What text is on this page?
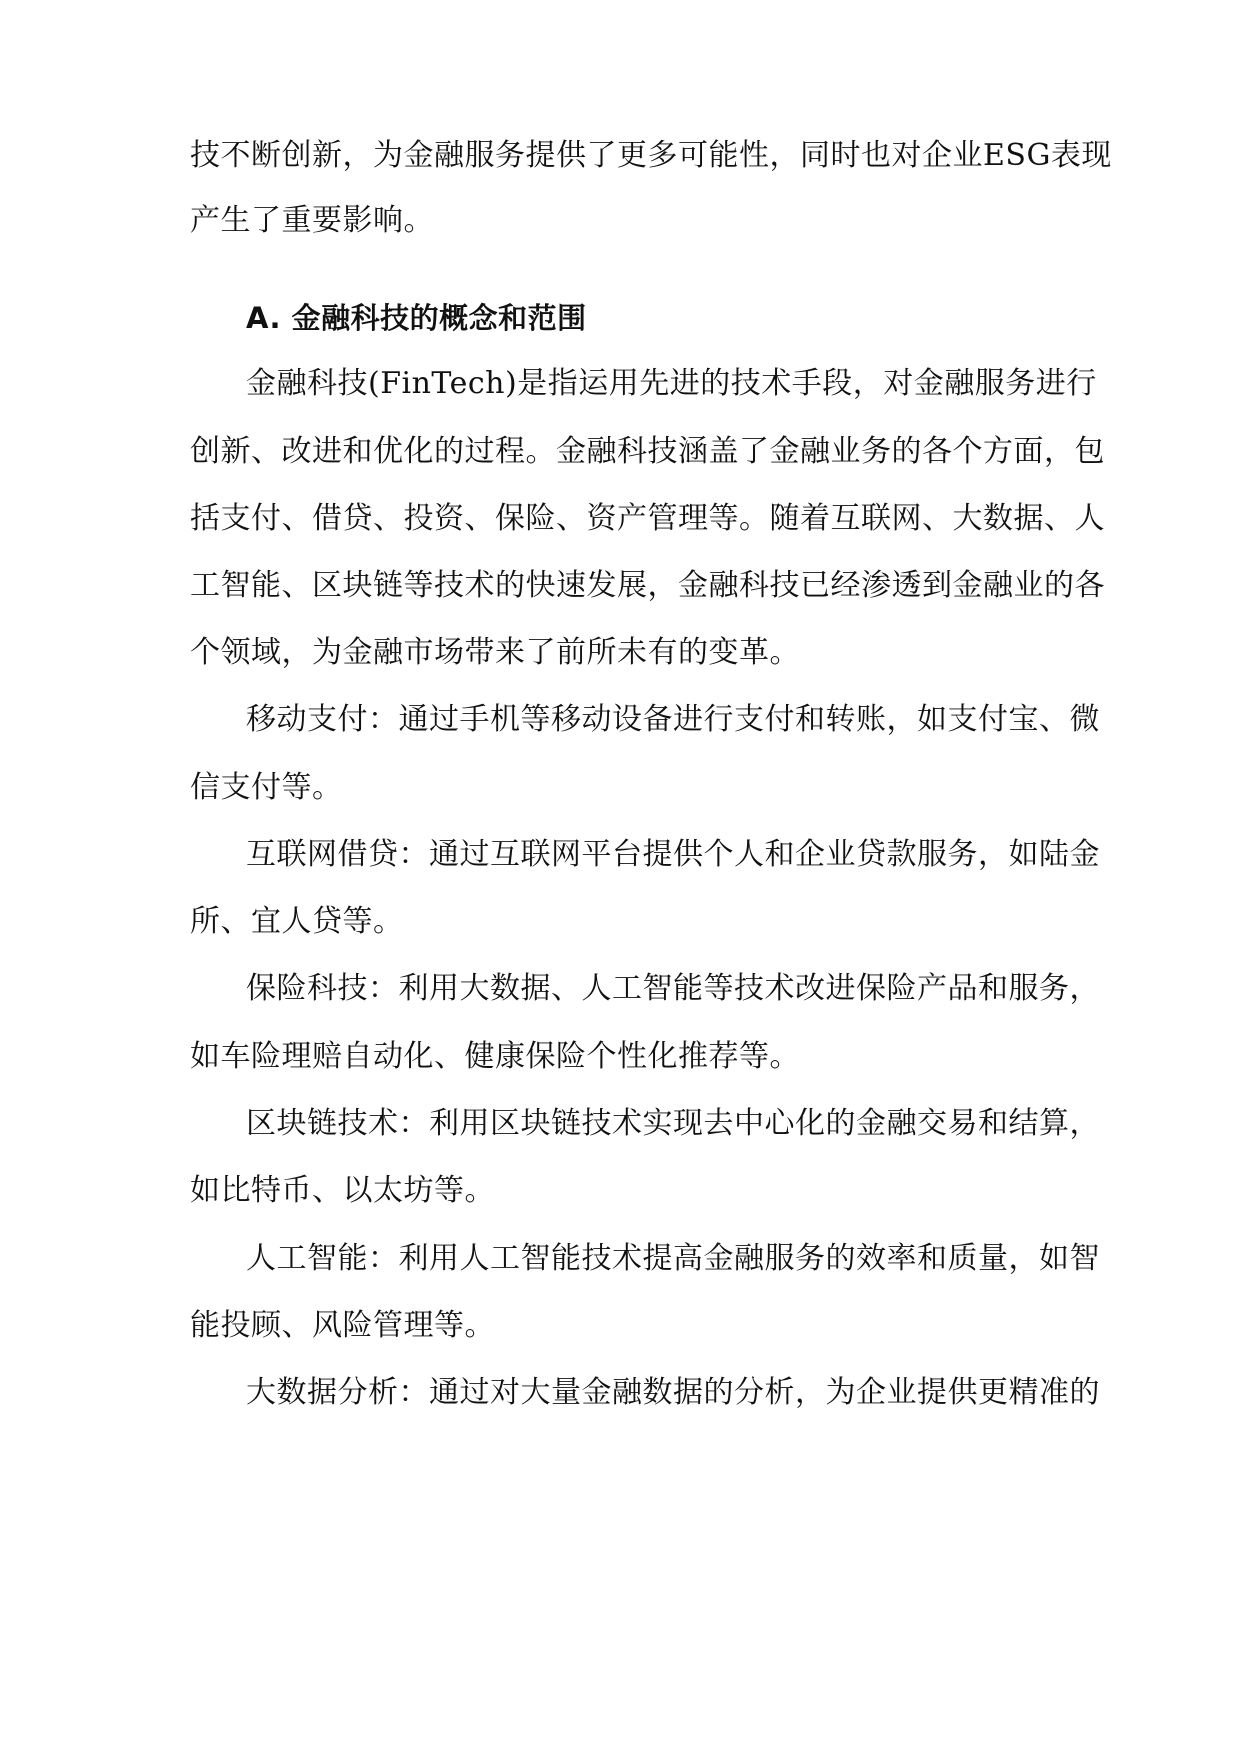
技不断创新，为金融服务提供了更多可能性，同时也对企业ESG表现
产生了重要影响。
A. 金融科技的概念和范围
金融科技(FinTech)是指运用先进的技术手段，对金融服务进行
创新、改进和优化的过程。金融科技涵盖了金融业务的各个方面，包
括支付、借贷、投资、保险、资产管理等。随着互联网、大数据、人
工智能、区块链等技术的快速发展，金融科技已经渗透到金融业的各
个领域，为金融市场带来了前所未有的变革。
移动支付：通过手机等移动设备进行支付和转账，如支付宝、微
信支付等。
互联网借贷：通过互联网平台提供个人和企业贷款服务，如陆金
所、宜人贷等。
保险科技：利用大数据、人工智能等技术改进保险产品和服务，
如车险理赔自动化、健康保险个性化推荐等。
区块链技术：利用区块链技术实现去中心化的金融交易和结算，
如比特币、以太坊等。
人工智能：利用人工智能技术提高金融服务的效率和质量，如智
能投顾、风险管理等。
大数据分析：通过对大量金融数据的分析，为企业提供更精准的
